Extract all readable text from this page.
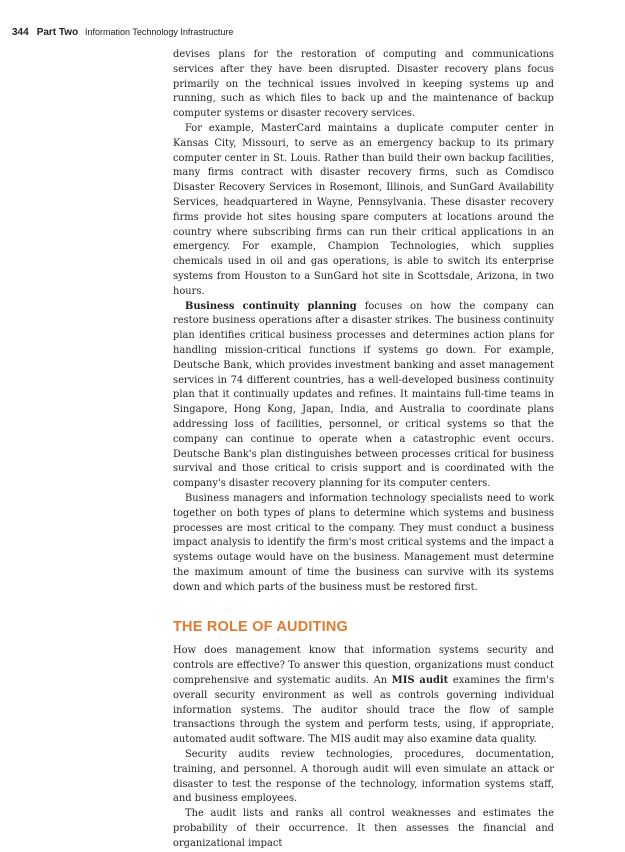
344 Part Two Information Technology Infrastructure

devises plans for the restoration of computing and communications services after they have been disrupted. Disaster recovery plans focus primarily on the technical issues involved in keeping systems up and running, such as which files to back up and the maintenance of backup computer systems or disaster recovery services.

For example, MasterCard maintains a duplicate computer center in Kansas City, Missouri, to serve as an emergency backup to its primary computer center in St. Louis. Rather than build their own backup facilities, many firms contract with disaster recovery firms, such as Comdisco Disaster Recovery Services in Rosemont, Illinois, and SunGard Availability Services, headquartered in Wayne, Pennsylvania. These disaster recovery firms provide hot sites housing spare computers at locations around the country where subscribing firms can run their critical applications in an emergency. For example, Champion Technologies, which supplies chemicals used in oil and gas operations, is able to switch its enterprise systems from Houston to a SunGard hot site in Scottsdale, Arizona, in two hours.

Business continuity planning focuses on how the company can restore business operations after a disaster strikes. The business continuity plan identifies critical business processes and determines action plans for handling mission-critical functions if systems go down. For example, Deutsche Bank, which provides investment banking and asset management services in 74 different countries, has a well-developed business continuity plan that it continually updates and refines. It maintains full-time teams in Singapore, Hong Kong, Japan, India, and Australia to coordinate plans addressing loss of facilities, personnel, or critical systems so that the company can continue to operate when a catastrophic event occurs. Deutsche Bank's plan distinguishes between processes critical for business survival and those critical to crisis support and is coordinated with the company's disaster recovery planning for its computer centers.

Business managers and information technology specialists need to work together on both types of plans to determine which systems and business processes are most critical to the company. They must conduct a business impact analysis to identify the firm's most critical systems and the impact a systems outage would have on the business. Management must determine the maximum amount of time the business can survive with its systems down and which parts of the business must be restored first.

THE ROLE OF AUDITING

How does management know that information systems security and controls are effective? To answer this question, organizations must conduct comprehensive and systematic audits. An MIS audit examines the firm's overall security environment as well as controls governing individual information systems. The auditor should trace the flow of sample transactions through the system and perform tests, using, if appropriate, automated audit software. The MIS audit may also examine data quality.

Security audits review technologies, procedures, documentation, training, and personnel. A thorough audit will even simulate an attack or disaster to test the response of the technology, information systems staff, and business employees.

The audit lists and ranks all control weaknesses and estimates the probability of their occurrence. It then assesses the financial and organizational impact
